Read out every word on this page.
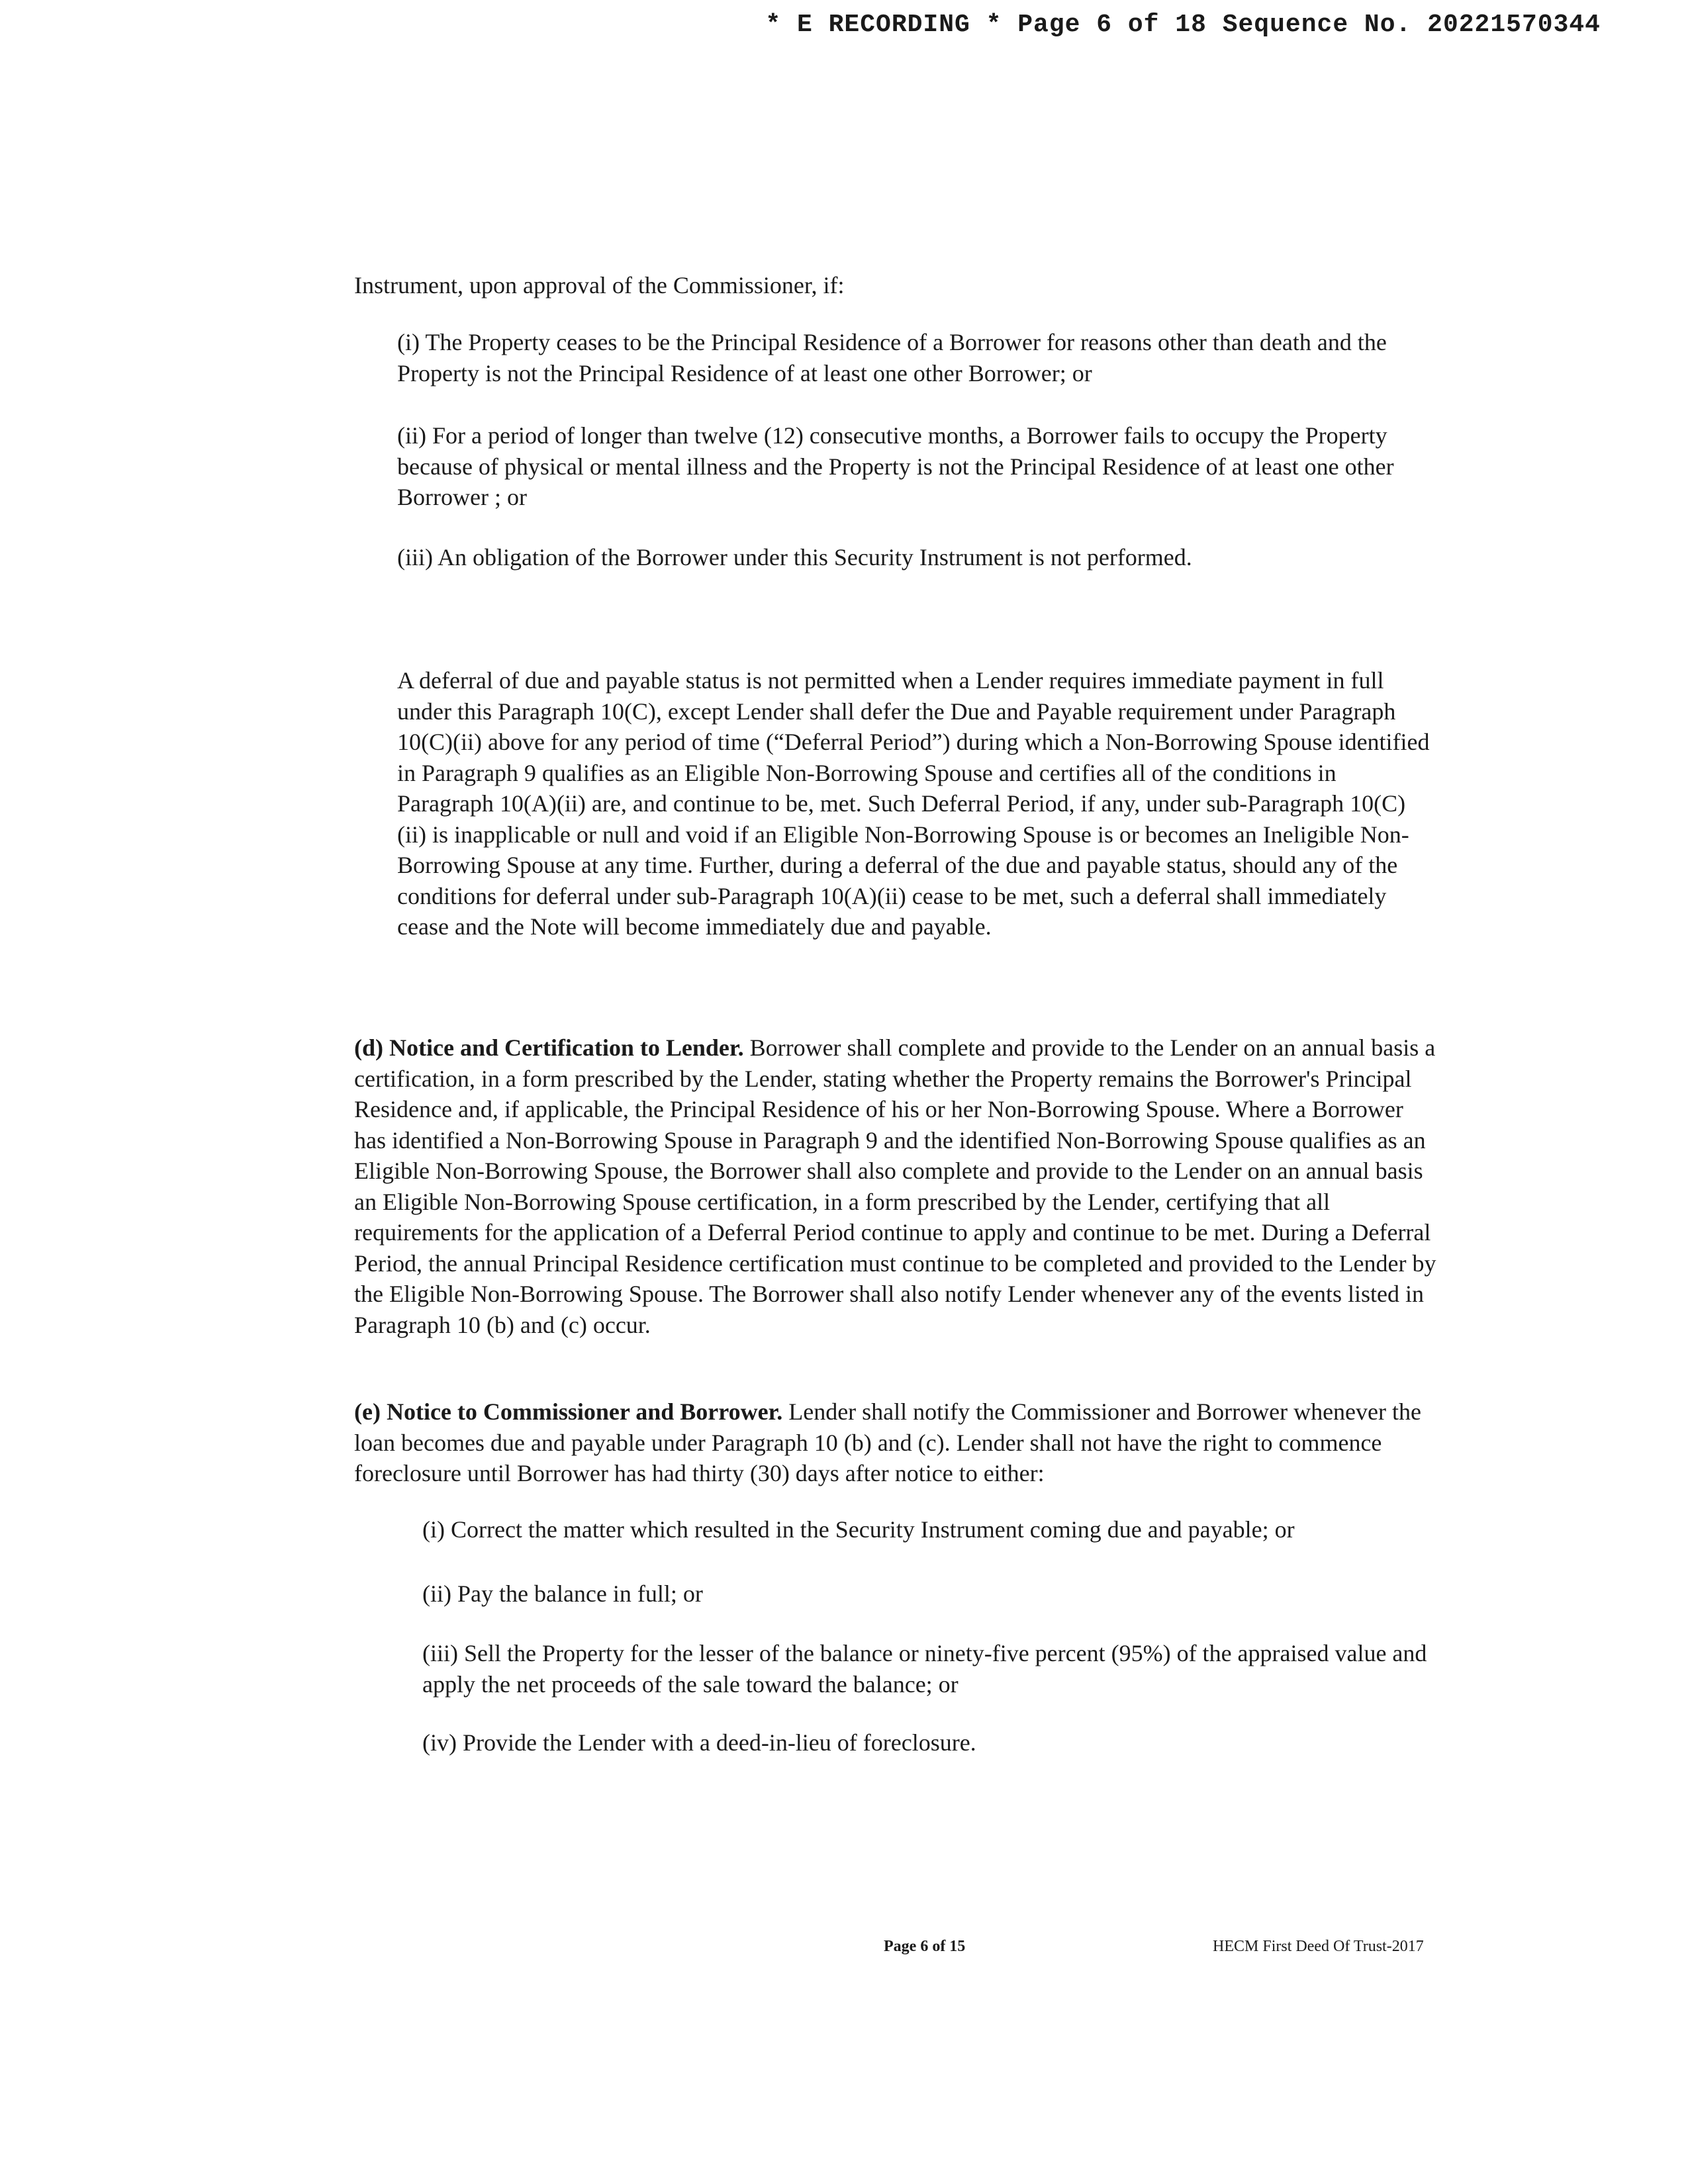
* E RECORDING * Page 6 of 18 Sequence No. 20221570344

Instrument, upon approval of the Commissioner, if:

(i) The Property ceases to be the Principal Residence of a Borrower for reasons other than death and the Property is not the Principal Residence of at least one other Borrower; or

(ii) For a period of longer than twelve (12) consecutive months, a Borrower fails to occupy the Property because of physical or mental illness and the Property is not the Principal Residence of at least one other Borrower ; or

(iii) An obligation of the Borrower under this Security Instrument is not performed.

A deferral of due and payable status is not permitted when a Lender requires immediate payment in full under this Paragraph 10(C), except Lender shall defer the Due and Payable requirement under Paragraph 10(C)(ii) above for any period of time (“Deferral Period”) during which a Non-Borrowing Spouse identified in Paragraph 9 qualifies as an Eligible Non-Borrowing Spouse and certifies all of the conditions in Paragraph 10(A)(ii) are, and continue to be, met. Such Deferral Period, if any, under sub-Paragraph 10(C)(ii) is inapplicable or null and void if an Eligible Non-Borrowing Spouse is or becomes an Ineligible Non-Borrowing Spouse at any time. Further, during a deferral of the due and payable status, should any of the conditions for deferral under sub-Paragraph 10(A)(ii) cease to be met, such a deferral shall immediately cease and the Note will become immediately due and payable.

(d) Notice and Certification to Lender. Borrower shall complete and provide to the Lender on an annual basis a certification, in a form prescribed by the Lender, stating whether the Property remains the Borrower's Principal Residence and, if applicable, the Principal Residence of his or her Non-Borrowing Spouse. Where a Borrower has identified a Non-Borrowing Spouse in Paragraph 9 and the identified Non-Borrowing Spouse qualifies as an Eligible Non-Borrowing Spouse, the Borrower shall also complete and provide to the Lender on an annual basis an Eligible Non-Borrowing Spouse certification, in a form prescribed by the Lender, certifying that all requirements for the application of a Deferral Period continue to apply and continue to be met. During a Deferral Period, the annual Principal Residence certification must continue to be completed and provided to the Lender by the Eligible Non-Borrowing Spouse. The Borrower shall also notify Lender whenever any of the events listed in Paragraph 10 (b) and (c) occur.

(e) Notice to Commissioner and Borrower. Lender shall notify the Commissioner and Borrower whenever the loan becomes due and payable under Paragraph 10 (b) and (c). Lender shall not have the right to commence foreclosure until Borrower has had thirty (30) days after notice to either:

(i) Correct the matter which resulted in the Security Instrument coming due and payable; or

(ii) Pay the balance in full; or

(iii) Sell the Property for the lesser of the balance or ninety-five percent (95%) of the appraised value and apply the net proceeds of the sale toward the balance; or

(iv) Provide the Lender with a deed-in-lieu of foreclosure.

Page 6 of 15	HECM First Deed Of Trust-2017
